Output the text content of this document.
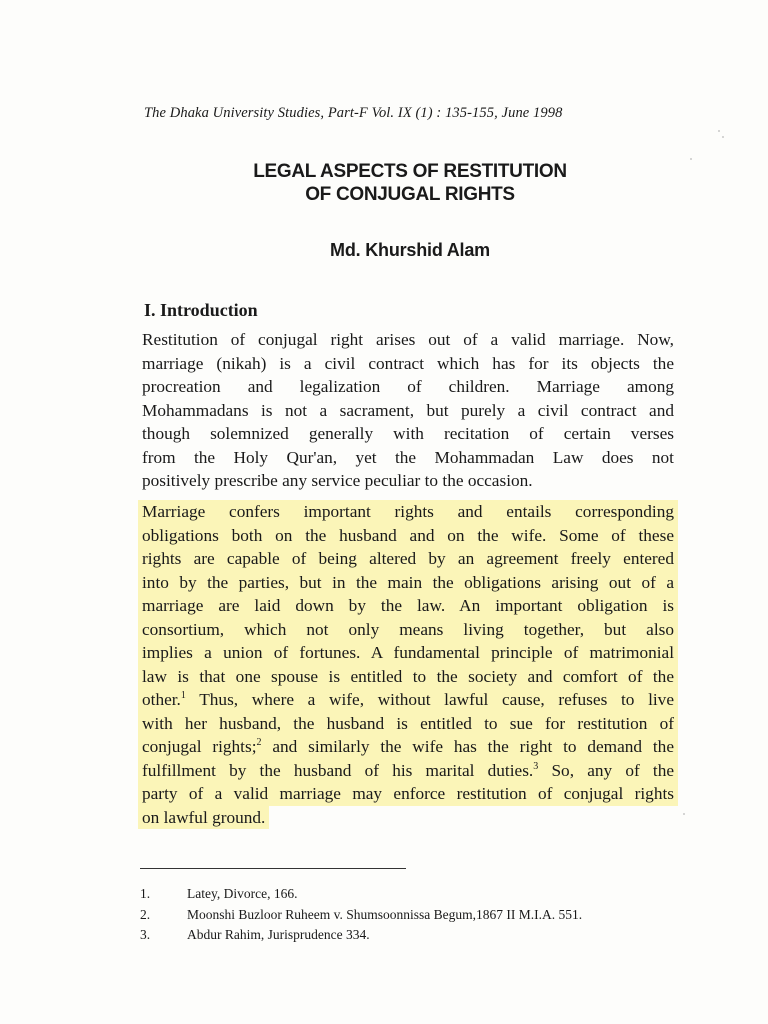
The Dhaka University Studies, Part-F Vol. IX (1) : 135-155, June 1998
LEGAL ASPECTS OF RESTITUTION
OF CONJUGAL RIGHTS
Md. Khurshid Alam
I. Introduction
Restitution of conjugal right arises out of a valid marriage. Now,
marriage (nikah) is a civil contract which has for its objects the
procreation and legalization of children. Marriage among
Mohammadans is not a sacrament, but purely a civil contract and
though solemnized generally with recitation of certain verses
from the Holy Qur'an, yet the Mohammadan Law does not
positively prescribe any service peculiar to the occasion.
Marriage confers important rights and entails corresponding
obligations both on the husband and on the wife. Some of these
rights are capable of being altered by an agreement freely entered
into by the parties, but in the main the obligations arising out of a
marriage are laid down by the law. An important obligation is
consortium, which not only means living together, but also
implies a union of fortunes. A fundamental principle of matrimonial
law is that one spouse is entitled to the society and comfort of the
other.$^1$ Thus, where a wife, without lawful cause, refuses to live
with her husband, the husband is entitled to sue for restitution of
conjugal rights;$^2$ and similarly the wife has the right to demand the
fulfillment by the husband of his marital duties.$^3$ So, any of the
party of a valid marriage may enforce restitution of conjugal rights
on lawful ground.
1.	Latey, Divorce, 166.
2.	Moonshi Buzloor Ruheem v. Shumsoonnissa Begum,1867 II M.I.A. 551.
3.	Abdur Rahim, Jurisprudence 334.
